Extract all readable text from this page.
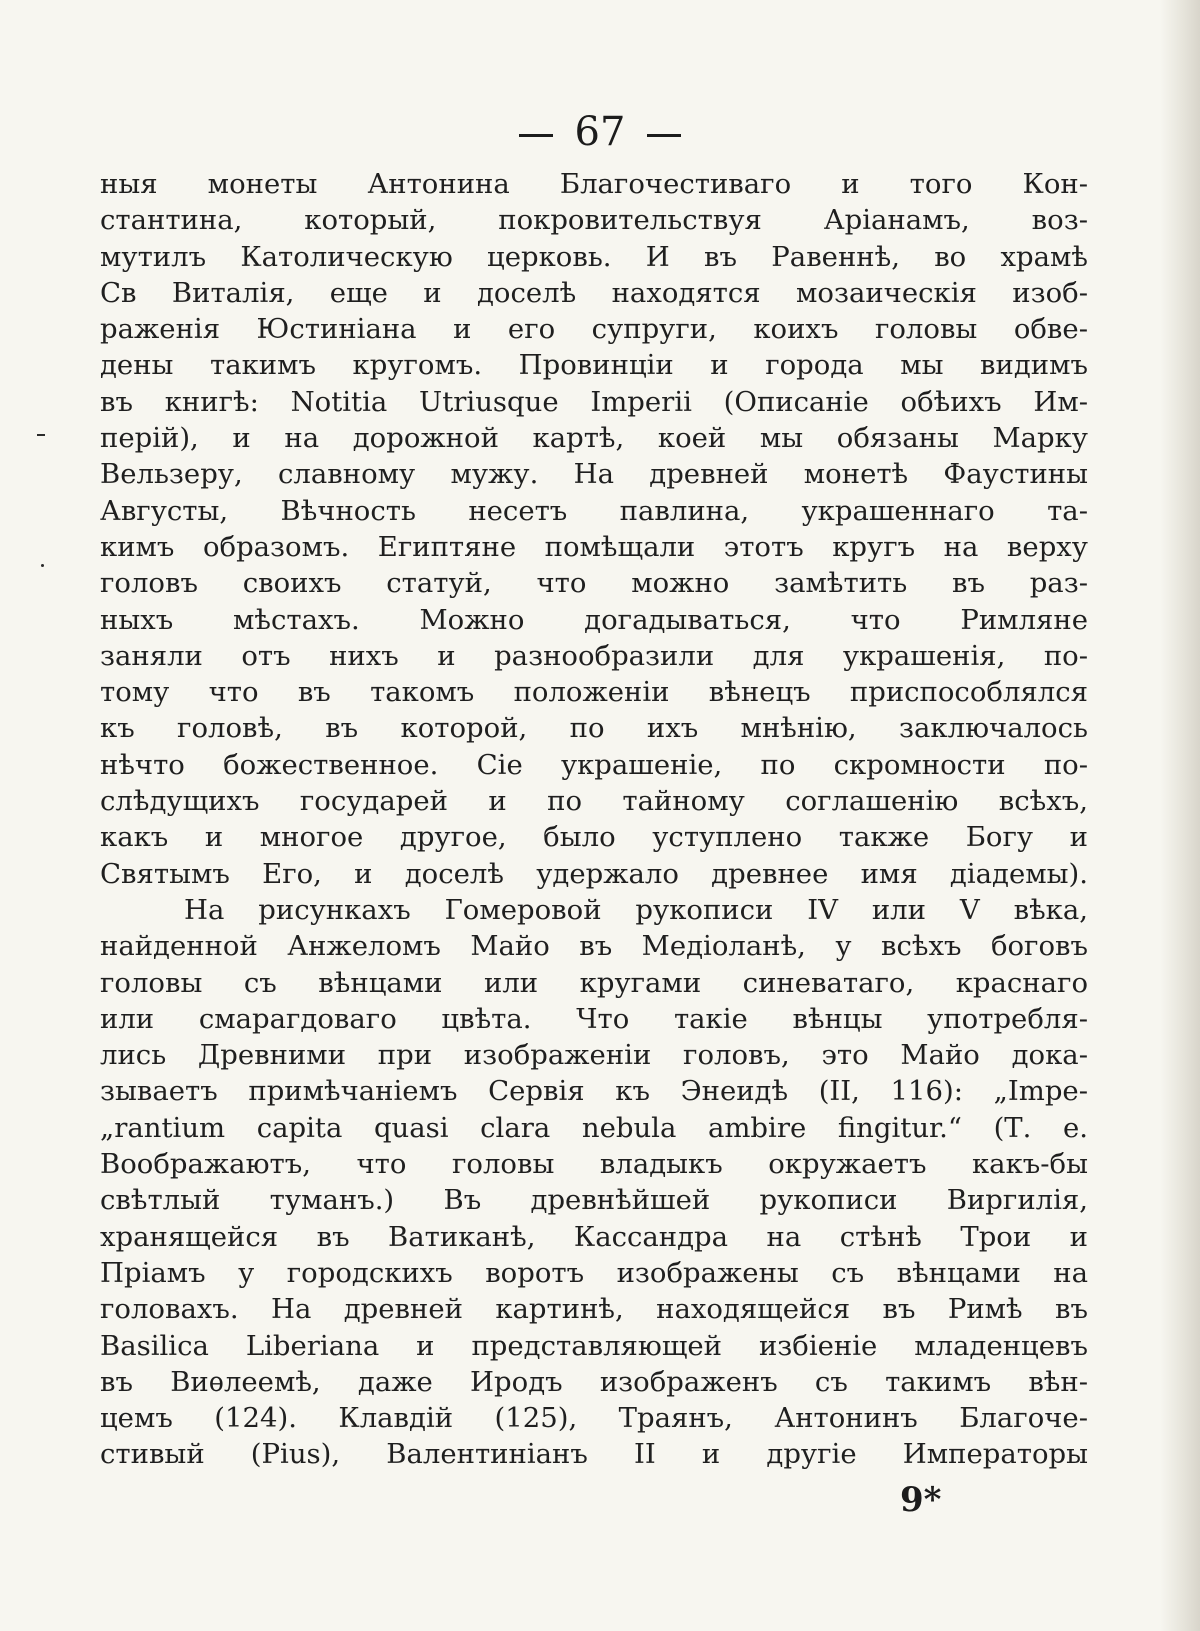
67
ныя монеты Антонина Благочестиваго и того Кон-
стантина, который, покровительствуя Аріанамъ, воз-
мутилъ Католическую церковь. И въ Равеннѣ, во храмѣ
Св Виталія, еще и доселѣ находятся мозаическія изоб-
раженія Юстиніана и его супруги, коихъ головы обве-
дены такимъ кругомъ. Провинціи и города мы видимъ
въ книгѣ: Notitia Utriusque Imperii (Описаніе обѣихъ Им-
перій), и на дорожной картѣ, коей мы обязаны Марку
Вельзеру, славному мужу. На древней монетѣ Фаустины
Августы, Вѣчность несетъ павлина, украшеннаго та-
кимъ образомъ. Египтяне помѣщали этотъ кругъ на верху
головъ своихъ статуй, что можно замѣтить въ раз-
ныхъ мѣстахъ. Можно догадываться, что Римляне
заняли отъ нихъ и разнообразили для украшенія, по-
тому что въ такомъ положеніи вѣнецъ приспособлялся
къ головѣ, въ которой, по ихъ мнѣнію, заключалось
нѣчто божественное. Сіе украшеніе, по скромности по-
слѣдущихъ государей и по тайному соглашенію всѣхъ,
какъ и многое другое, было уступлено также Богу и
Святымъ Его, и доселѣ удержало древнее имя діадемы).
На рисункахъ Гомеровой рукописи IV или V вѣка,
найденной Анжеломъ Майо въ Медіоланѣ, у всѣхъ боговъ
головы съ вѣнцами или кругами синеватаго, краснаго
или смарагдоваго цвѣта. Что такіе вѣнцы употребля-
лись Древними при изображеніи головъ, это Майо дока-
зываетъ примѣчаніемъ Сервія къ Энеидѣ (II, 116): „Impe-
„rantium capita quasi clara nebula ambire fingitur.“ (Т. е.
Воображаютъ, что головы владыкъ окружаетъ какъ-бы
свѣтлый туманъ.) Въ древнѣйшей рукописи Виргилія,
хранящейся въ Ватиканѣ, Кассандра на стѣнѣ Трои и
Пріамъ у городскихъ воротъ изображены съ вѣнцами на
головахъ. На древней картинѣ, находящейся въ Римѣ въ
Basilica Liberiana и представляющей избіеніе младенцевъ
въ Виѳлеемѣ, даже Иродъ изображенъ съ такимъ вѣн-
цемъ (124). Клавдій (125), Траянъ, Антонинъ Благоче-
стивый (Pius), Валентиніанъ II и другіе Императоры
9*
